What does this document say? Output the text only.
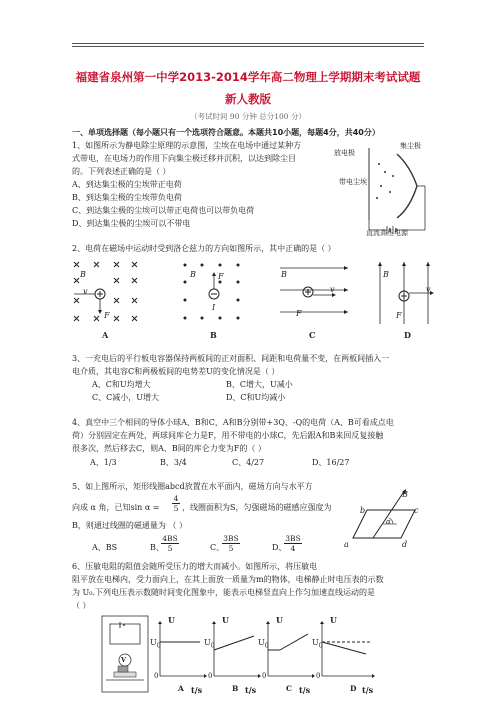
福建省泉州第一中学2013-2014学年高二物理上学期期末考试试题
新人教版
（考试时间 90 分钟 总分100 分）
一、单项选择题（每小题只有一个选项符合题意。本题共10小题，每题4分，共40分）
1、如图所示为静电除尘原理的示意图，尘埃在电场中通过某种方
式带电，在电场力的作用下向集尘极迁移并沉积，以达到除尘目
的。下列表述正确的是（ ）
A、到达集尘极的尘埃带正电荷
B、到达集尘极的尘埃带负电荷
C、到达集尘极的尘埃可以带正电荷也可以带负电荷
D、到达集尘极的尘埃可以不带电
放电极
集尘极
带电尘埃
直流高压电源
2、电荷在磁场中运动时受到洛仑兹力的方向如图所示，其中正确的是（ ）
B
v
F
A
B	F
I
B
B
v
F
C
B
v
F
D
3、一充电后的平行板电容器保持两板间的正对面积、间距和电荷量不变，在两板间插入一
电介质，其电容C和两极板间的电势差U的变化情况是（ ）
A、C和U均增大	B、C增大，U减小
C、C减小，U增大	D、C和U均减小
4、真空中三个相同的导体小球A、B和C，A和B分别带+3Q、-Q的电荷（A、B可看成点电
荷）分别固定在两处，两球间库仑力是F，用不带电的小球C，先后跟A和B来回反复接触
很多次，然后移去C，则A、B间的库仑力变为F的（ ）
A、1/3	B、3/4	C、4/27	D、16/27
5、如上图所示，矩形线圈abcd放置在水平面内，磁场方向与水平方
向成 α 角，已知$\sin \alpha = \frac{4}{5}$ ，线圈面积为S，匀强磁场的磁感应强度为
B，则通过线圈的磁通量为 （ ）
A、BS	B、
$\frac{4BS}{5}$	C、
$\frac{3BS}{5}$	D、
$\frac{3BS}{4}$
B
a
b	c
d
α
6、压敏电阻的阻值会随所受压力的增大而减小。如图所示，将压敏电
阻平放在电梯内，受力面向上，在其上面放一质量为m的物体，电梯静止时电压表的示数
为 U₀.下列电压表示数随时间变化图象中，能表示电梯竖直向上作匀加速直线运动的是
（ ）
V
U
$U_0$
0
A t/s
U
$U_0$
0
B t/s
U
$U_0$
0
C t/s
U
$U_0$
0
D t/s
